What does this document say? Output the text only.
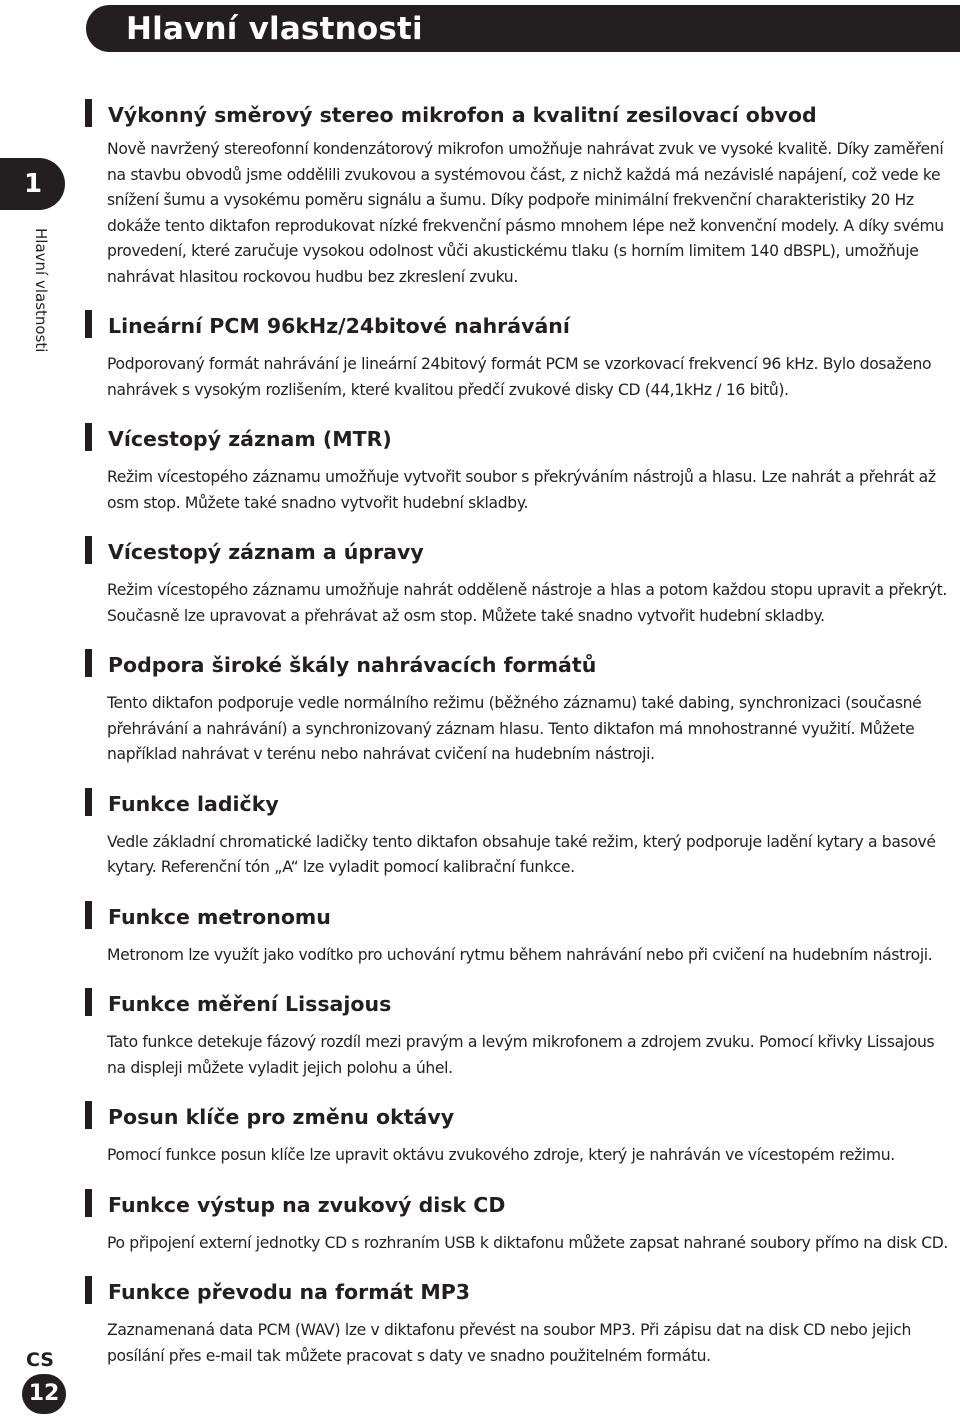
Hlavní vlastnosti
1
Hlavní vlastnosti
Výkonný směrový stereo mikrofon a kvalitní zesilovací obvod

Nově navržený stereofonní kondenzátorový mikrofon umožňuje nahrávat zvuk ve vysoké kvalitě. Díky zaměření na stavbu obvodů jsme oddělili zvukovou a systémovou část, z nichž každá má nezávislé napájení, což vede ke snížení šumu a vysokému poměru signálu a šumu. Díky podpoře minimální frekvenční charakteristiky 20 Hz dokáže tento diktafon reprodukovat nízké frekvenční pásmo mnohem lépe než konvenční modely. A díky svému provedení, které zaručuje vysokou odolnost vůči akustickému tlaku (s horním limitem 140 dBSPL), umožňuje nahrávat hlasitou rockovou hudbu bez zkreslení zvuku.

Lineární PCM 96kHz/24bitové nahrávání

Podporovaný formát nahrávání je lineární 24bitový formát PCM se vzorkovací frekvencí 96 kHz. Bylo dosaženo nahrávek s vysokým rozlišením, které kvalitou předčí zvukové disky CD (44,1kHz / 16 bitů).

Vícestopý záznam (MTR)

Režim vícestopého záznamu umožňuje vytvořit soubor s překrýváním nástrojů a hlasu. Lze nahrát a přehrát až osm stop. Můžete také snadno vytvořit hudební skladby.

Vícestopý záznam a úpravy

Režim vícestopého záznamu umožňuje nahrát odděleně nástroje a hlas a potom každou stopu upravit a překrýt. Současně lze upravovat a přehrávat až osm stop. Můžete také snadno vytvořit hudební skladby.

Podpora široké škály nahrávacích formátů

Tento diktafon podporuje vedle normálního režimu (běžného záznamu) také dabing, synchronizaci (současné přehrávání a nahrávání) a synchronizovaný záznam hlasu. Tento diktafon má mnohostranné využití. Můžete například nahrávat v terénu nebo nahrávat cvičení na hudebním nástroji.

Funkce ladičky

Vedle základní chromatické ladičky tento diktafon obsahuje také režim, který podporuje ladění kytary a basové kytary. Referenční tón „A“ lze vyladit pomocí kalibrační funkce.

Funkce metronomu

Metronom lze využít jako vodítko pro uchování rytmu během nahrávání nebo při cvičení na hudebním nástroji.

Funkce měření Lissajous

Tato funkce detekuje fázový rozdíl mezi pravým a levým mikrofonem a zdrojem zvuku. Pomocí křivky Lissajous na displeji můžete vyladit jejich polohu a úhel.

Posun klíče pro změnu oktávy

Pomocí funkce posun klíče lze upravit oktávu zvukového zdroje, který je nahráván ve vícestopém režimu.

Funkce výstup na zvukový disk CD

Po připojení externí jednotky CD s rozhraním USB k diktafonu můžete zapsat nahrané soubory přímo na disk CD.

Funkce převodu na formát MP3

Zaznamenaná data PCM (WAV) lze v diktafonu převést na soubor MP3. Při zápisu dat na disk CD nebo jejich posílání přes e-mail tak můžete pracovat s daty ve snadno použitelném formátu.

CS
12
